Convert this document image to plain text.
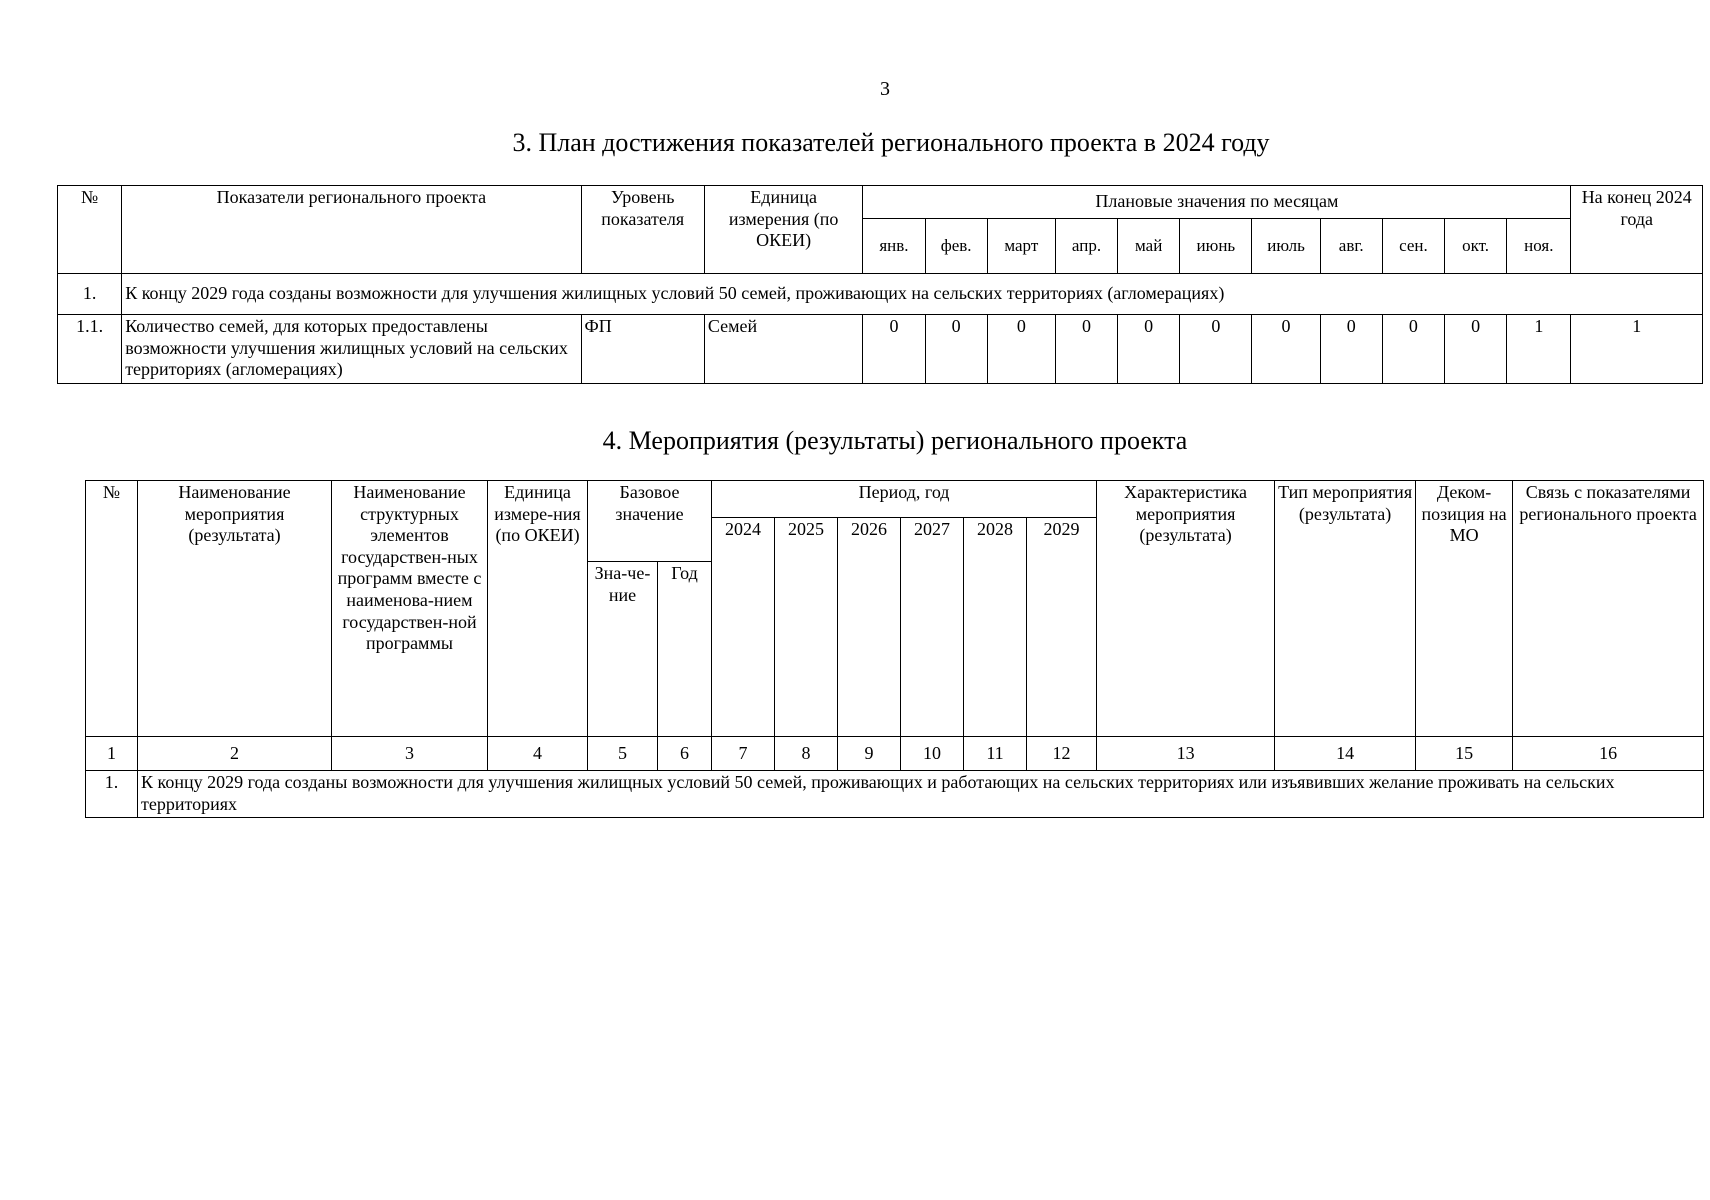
3
3. План достижения показателей регионального проекта в 2024 году
№	Показатели регионального проекта	Уровень показателя	Единица измерения (по ОКЕИ)	Плановые значения по месяцам											На конец 2024 года
				янв.	фев.	март	апр.	май	июнь	июль	авг.	сен.	окт.	ноя.	
1.	К концу 2029 года созданы возможности для улучшения жилищных условий 50 семей, проживающих на сельских территориях (агломерациях)														
1.1.	Количество семей, для которых предоставлены возможности улучшения жилищных условий на сельских территориях (агломерациях)	ФП	Семей	0	0	0	0	0	0	0	0	0	0	1	1
4. Мероприятия (результаты) регионального проекта
№	Наименование мероприятия (результата)	Наименование структурных элементов государствен-ных программ вместе с наименова-нием государствен-ной программы	Единица измере-ния (по ОКЕИ)	Базовое значение		Период, год						Характеристика мероприятия (результата)	Тип мероприятия (результата)	Деком-позиция на МО	Связь с показателями регионального проекта
						2024	2025	2026	2027	2028	2029				
				Зна-че-ние	Год										
1	2	3	4	5	6	7	8	9	10	11	12	13	14	15	16
1.	К концу 2029 года созданы возможности для улучшения жилищных условий 50 семей, проживающих и работающих на сельских территориях или изъявивших желание проживать на сельских территориях														
